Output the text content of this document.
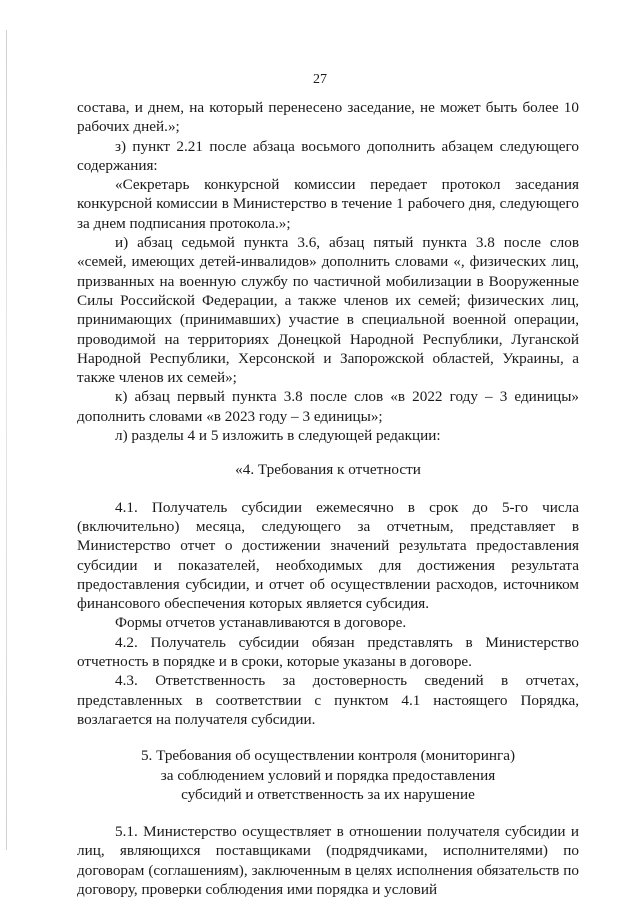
27

состава, и днем, на который перенесено заседание, не может быть более 10 рабочих дней.»;

з) пункт 2.21 после абзаца восьмого дополнить абзацем следующего содержания:

«Секретарь конкурсной комиссии передает протокол заседания конкурсной комиссии в Министерство в течение 1 рабочего дня, следующего за днем подписания протокола.»;

и) абзац седьмой пункта 3.6, абзац пятый пункта 3.8 после слов «семей, имеющих детей-инвалидов» дополнить словами «, физических лиц, призванных на военную службу по частичной мобилизации в Вооруженные Силы Российской Федерации, а также членов их семей; физических лиц, принимающих (принимавших) участие в специальной военной операции, проводимой на территориях Донецкой Народной Республики, Луганской Народной Республики, Херсонской и Запорожской областей, Украины, а также членов их семей»;

к) абзац первый пункта 3.8 после слов «в 2022 году – 3 единицы» дополнить словами «в 2023 году – 3 единицы»;

л) разделы 4 и 5 изложить в следующей редакции:

«4. Требования к отчетности

4.1. Получатель субсидии ежемесячно в срок до 5-го числа (включительно) месяца, следующего за отчетным, представляет в Министерство отчет о достижении значений результата предоставления субсидии и показателей, необходимых для достижения результата предоставления субсидии, и отчет об осуществлении расходов, источником финансового обеспечения которых является субсидия.

Формы отчетов устанавливаются в договоре.

4.2. Получатель субсидии обязан представлять в Министерство отчетность в порядке и в сроки, которые указаны в договоре.

4.3. Ответственность за достоверность сведений в отчетах, представленных в соответствии с пунктом 4.1 настоящего Порядка, возлагается на получателя субсидии.

5. Требования об осуществлении контроля (мониторинга)

за соблюдением условий и порядка предоставления

субсидий и ответственность за их нарушение

5.1. Министерство осуществляет в отношении получателя субсидии и лиц, являющихся поставщиками (подрядчиками, исполнителями) по договорам (соглашениям), заключенным в целях исполнения обязательств по договору, проверки соблюдения ими порядка и условий
